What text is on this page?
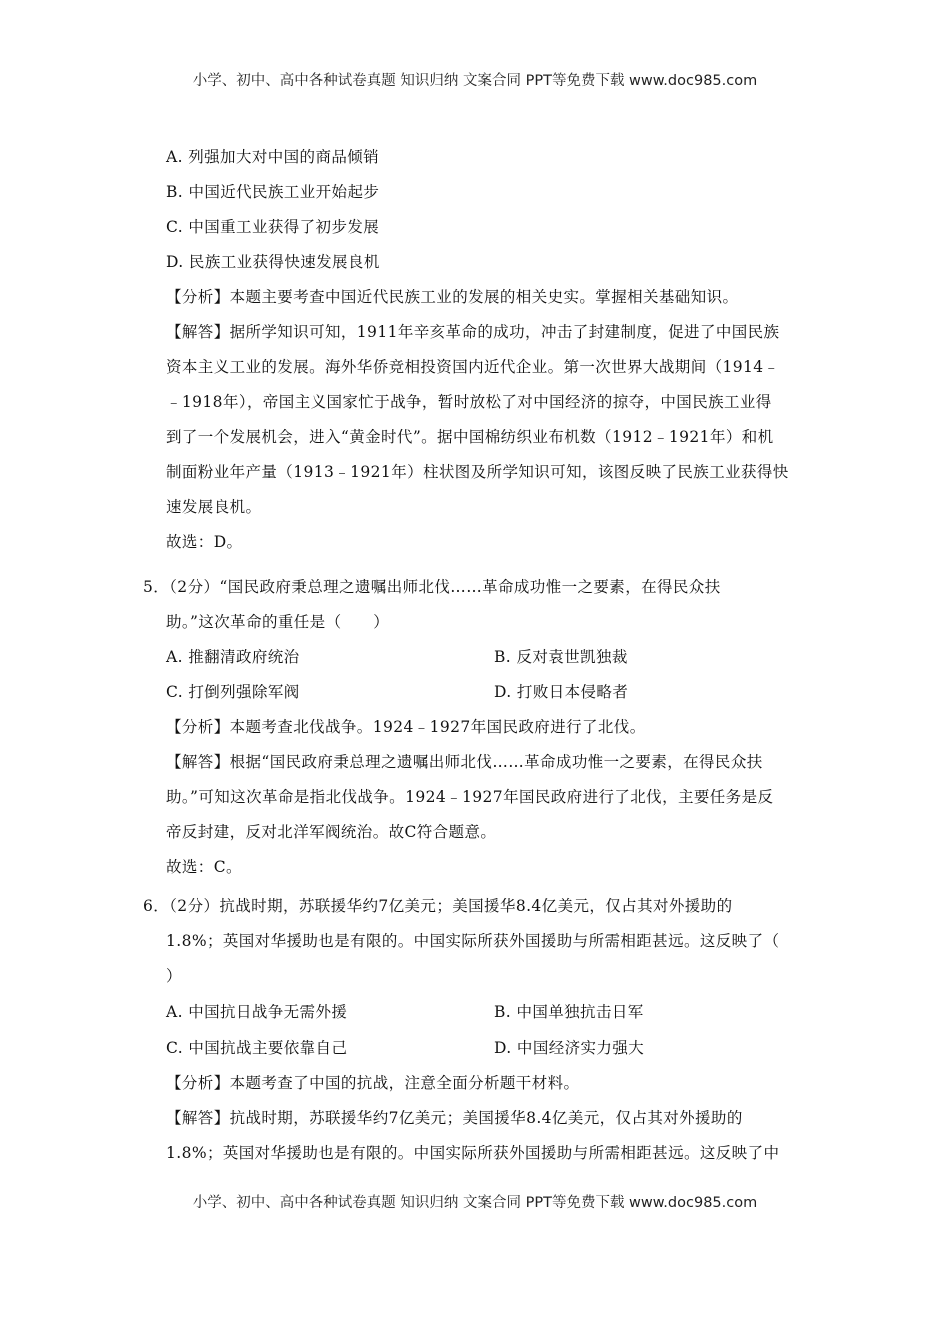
小学、初中、高中各种试卷真题 知识归纳 文案合同 PPT等免费下载 www.doc985.com
A. 列强加大对中国的商品倾销
B. 中国近代民族工业开始起步
C. 中国重工业获得了初步发展
D. 民族工业获得快速发展良机
【分析】本题主要考查中国近代民族工业的发展的相关史实。掌握相关基础知识。
【解答】据所学知识可知，1911年辛亥革命的成功，冲击了封建制度，促进了中国民族
资本主义工业的发展。海外华侨竞相投资国内近代企业。第一次世界大战期间（1914﹣
﹣1918年），帝国主义国家忙于战争，暂时放松了对中国经济的掠夺，中国民族工业得
到了一个发展机会，进入“黄金时代”。据中国棉纺织业布机数（1912﹣1921年）和机
制面粉业年产量（1913﹣1921年）柱状图及所学知识可知，该图反映了民族工业获得快
速发展良机。
故选：D。
5．（2分）“国民政府秉总理之遗嘱出师北伐……革命成功惟一之要素，在得民众扶
助。”这次革命的重任是（　　）
A. 推翻清政府统治	B. 反对袁世凯独裁
C. 打倒列强除军阀	D. 打败日本侵略者
【分析】本题考查北伐战争。1924﹣1927年国民政府进行了北伐。
【解答】根据“国民政府秉总理之遗嘱出师北伐……革命成功惟一之要素，在得民众扶
助。”可知这次革命是指北伐战争。1924﹣1927年国民政府进行了北伐，主要任务是反
帝反封建，反对北洋军阀统治。故C符合题意。
故选：C。
6．（2分）抗战时期，苏联援华约7亿美元；美国援华8.4亿美元，仅占其对外援助的
1.8%；英国对华援助也是有限的。中国实际所获外国援助与所需相距甚远。这反映了（
）
A. 中国抗日战争无需外援	B. 中国单独抗击日军
C. 中国抗战主要依靠自己	D. 中国经济实力强大
【分析】本题考查了中国的抗战，注意全面分析题干材料。
【解答】抗战时期，苏联援华约7亿美元；美国援华8.4亿美元，仅占其对外援助的
1.8%；英国对华援助也是有限的。中国实际所获外国援助与所需相距甚远。这反映了中
小学、初中、高中各种试卷真题 知识归纳 文案合同 PPT等免费下载 www.doc985.com
